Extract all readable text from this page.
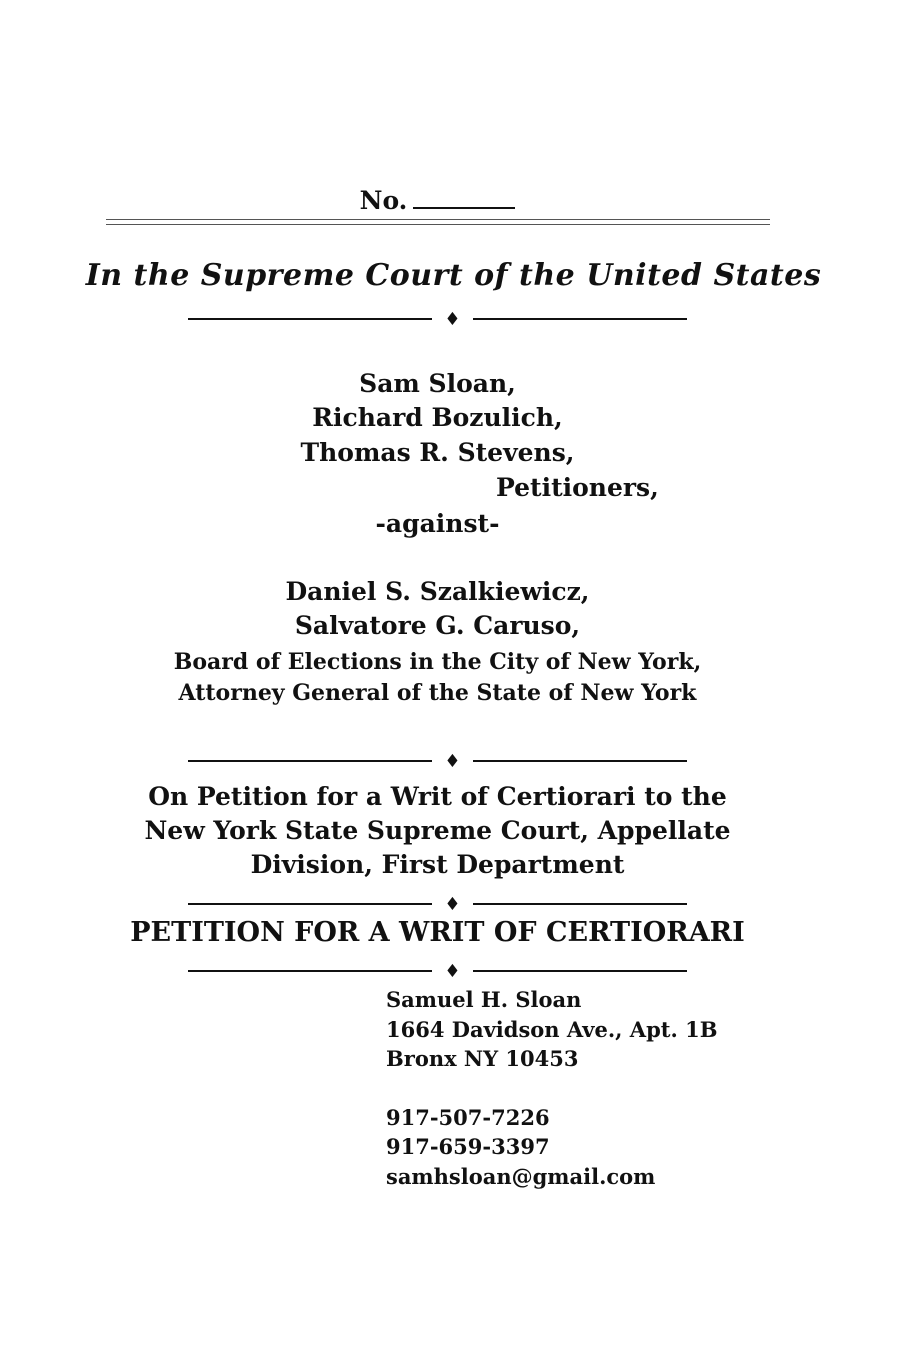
No.
In the Supreme Court of the United States
♦
Sam Sloan,
Richard Bozulich,
Thomas R. Stevens,
Petitioners,
-against-
Daniel S. Szalkiewicz,
Salvatore G. Caruso,
Board of Elections in the City of New York,
Attorney General of the State of New York
♦
On Petition for a Writ of Certiorari to the
New York State Supreme Court, Appellate
Division, First Department
♦
PETITION FOR A WRIT OF CERTIORARI
♦
Samuel H. Sloan
1664 Davidson Ave., Apt. 1B
Bronx NY 10453
917-507-7226
917-659-3397
samhsloan@gmail.com
